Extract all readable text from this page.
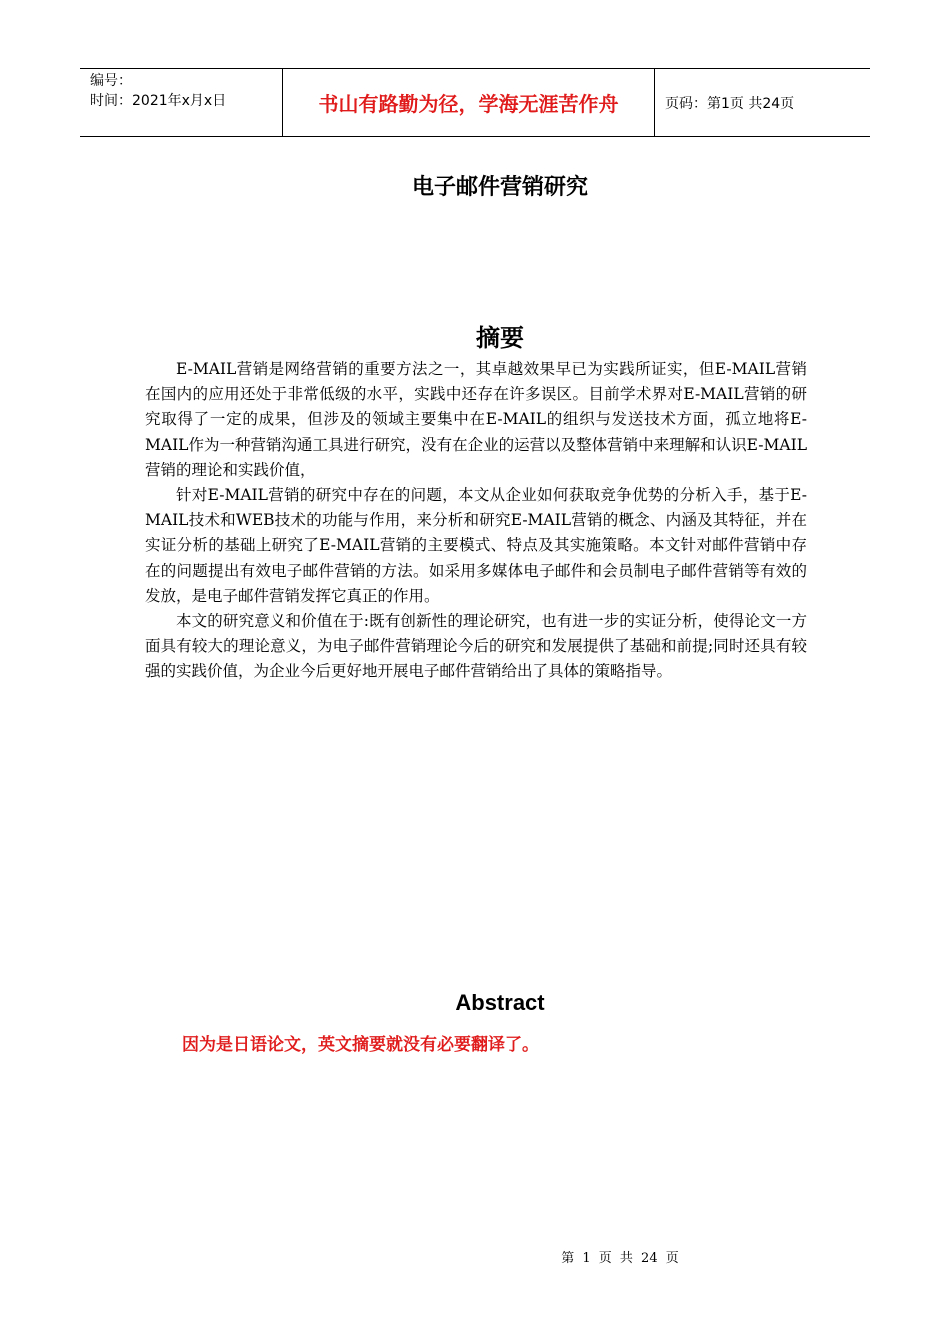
编号：
时间：2021年x月x日	书山有路勤为径，学海无涯苦作舟	页码：第1页 共24页
电子邮件营销研究
摘要

E-MAIL营销是网络营销的重要方法之一，其卓越效果早已为实践所证实，但E-MAIL营销在国内的应用还处于非常低级的水平，实践中还存在许多误区。目前学术界对E-MAIL营销的研究取得了一定的成果，但涉及的领域主要集中在E-MAIL的组织与发送技术方面，孤立地将E-MAIL作为一种营销沟通工具进行研究，没有在企业的运营以及整体营销中来理解和认识E-MAIL营销的理论和实践价值，

针对E-MAIL营销的研究中存在的问题，本文从企业如何获取竞争优势的分析入手，基于E-MAIL技术和WEB技术的功能与作用，来分析和研究E-MAIL营销的概念、内涵及其特征，并在实证分析的基础上研究了E-MAIL营销的主要模式、特点及其实施策略。本文针对邮件营销中存在的问题提出有效电子邮件营销的方法。如采用多媒体电子邮件和会员制电子邮件营销等有效的发放，是电子邮件营销发挥它真正的作用。

本文的研究意义和价值在于:既有创新性的理论研究，也有进一步的实证分析，使得论文一方面具有较大的理论意义，为电子邮件营销理论今后的研究和发展提供了基础和前提;同时还具有较强的实践价值，为企业今后更好地开展电子邮件营销给出了具体的策略指导。

Abstract
因为是日语论文，英文摘要就没有必要翻译了。
第 1 页 共 24 页
